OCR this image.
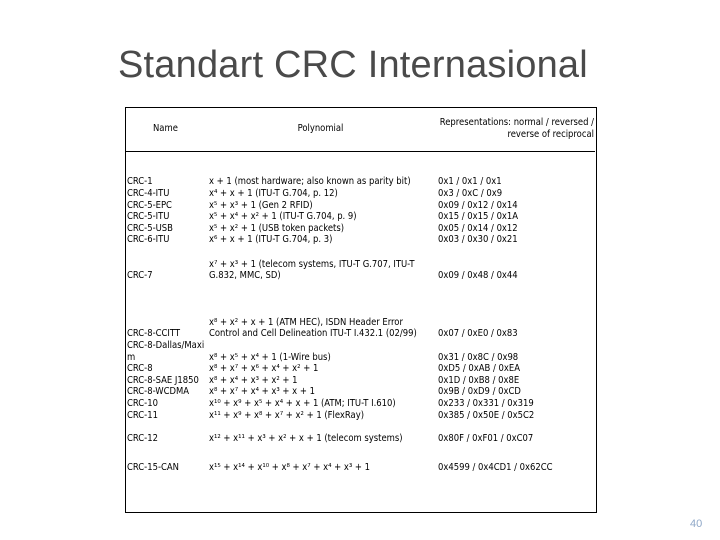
Standart CRC Internasional
Name	Polynomial	Representations: normal / reversed / reverse of reciprocal
CRC-1	x + 1 (most hardware; also known as parity bit)	0x1 / 0x1 / 0x1
CRC-4-ITU	x⁴ + x + 1 (ITU-T G.704, p. 12)	0x3 / 0xC / 0x9
CRC-5-EPC	x⁵ + x³ + 1 (Gen 2 RFID)	0x09 / 0x12 / 0x14
CRC-5-ITU	x⁵ + x⁴ + x² + 1 (ITU-T G.704, p. 9)	0x15 / 0x15 / 0x1A
CRC-5-USB	x⁵ + x² + 1 (USB token packets)	0x05 / 0x14 / 0x12
CRC-6-ITU	x⁶ + x + 1 (ITU-T G.704, p. 3)	0x03 / 0x30 / 0x21
CRC-7	x⁷ + x³ + 1 (telecom systems, ITU-T G.707, ITU-T G.832, MMC, SD)	0x09 / 0x48 / 0x44
CRC-8-CCITT	x⁸ + x² + x + 1 (ATM HEC), ISDN Header Error Control and Cell Delineation ITU-T I.432.1 (02/99)	0x07 / 0xE0 / 0x83
CRC-8-Dallas/Maxim	x⁸ + x⁵ + x⁴ + 1 (1-Wire bus)	0x31 / 0x8C / 0x98
CRC-8	x⁸ + x⁷ + x⁶ + x⁴ + x² + 1	0xD5 / 0xAB / 0xEA
CRC-8-SAE J1850	x⁸ + x⁴ + x³ + x² + 1	0x1D / 0xB8 / 0x8E
CRC-8-WCDMA	x⁸ + x⁷ + x⁴ + x³ + x + 1	0x9B / 0xD9 / 0xCD
CRC-10	x¹⁰ + x⁹ + x⁵ + x⁴ + x + 1 (ATM; ITU-T I.610)	0x233 / 0x331 / 0x319
CRC-11	x¹¹ + x⁹ + x⁸ + x⁷ + x² + 1 (FlexRay)	0x385 / 0x50E / 0x5C2
CRC-12	x¹² + x¹¹ + x³ + x² + x + 1 (telecom systems)	0x80F / 0xF01 / 0xC07
CRC-15-CAN	x¹⁵ + x¹⁴ + x¹⁰ + x⁸ + x⁷ + x⁴ + x³ + 1	0x4599 / 0x4CD1 / 0x62CC
40
